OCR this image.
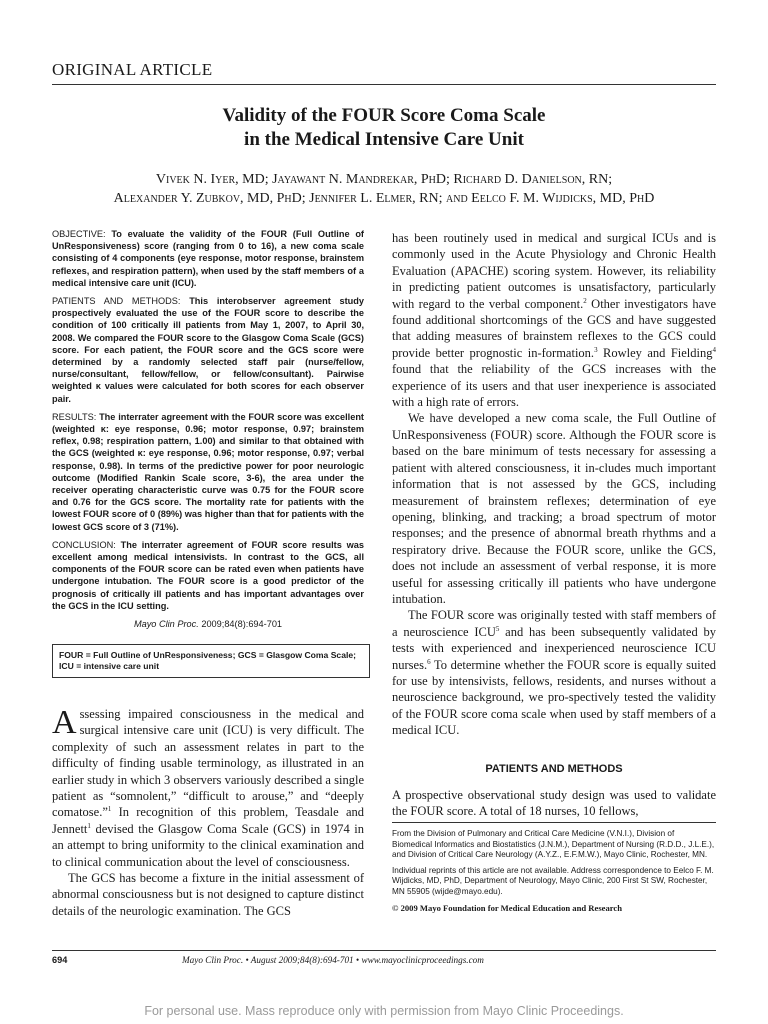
ORIGINAL ARTICLE
Validity of the FOUR Score Coma Scale
in the Medical Intensive Care Unit
Vivek N. Iyer, MD; Jayawant N. Mandrekar, PhD; Richard D. Danielson, RN;
Alexander Y. Zubkov, MD, PhD; Jennifer L. Elmer, RN; and Eelco F. M. Wijdicks, MD, PhD

OBJECTIVE: To evaluate the validity of the FOUR (Full Outline of UnResponsiveness) score (ranging from 0 to 16), a new coma scale consisting of 4 components (eye response, motor response, brainstem reflexes, and respiration pattern), when used by the staff members of a medical intensive care unit (ICU).

PATIENTS AND METHODS: This interobserver agreement study prospectively evaluated the use of the FOUR score to describe the condition of 100 critically ill patients from May 1, 2007, to April 30, 2008. We compared the FOUR score to the Glasgow Coma Scale (GCS) score. For each patient, the FOUR score and the GCS score were determined by a randomly selected staff pair (nurse/fellow, nurse/consultant, fellow/fellow, or fellow/consultant). Pairwise weighted κ values were calculated for both scores for each observer pair.

RESULTS: The interrater agreement with the FOUR score was excellent (weighted κ: eye response, 0.96; motor response, 0.97; brainstem reflex, 0.98; respiration pattern, 1.00) and similar to that obtained with the GCS (weighted κ: eye response, 0.96; motor response, 0.97; verbal response, 0.98). In terms of the predictive power for poor neurologic outcome (Modified Rankin Scale score, 3-6), the area under the receiver operating characteristic curve was 0.75 for the FOUR score and 0.76 for the GCS score. The mortality rate for patients with the lowest FOUR score of 0 (89%) was higher than that for patients with the lowest GCS score of 3 (71%).

CONCLUSION: The interrater agreement of FOUR score results was excellent among medical intensivists. In contrast to the GCS, all components of the FOUR score can be rated even when patients have undergone intubation. The FOUR score is a good predictor of the prognosis of critically ill patients and has important advantages over the GCS in the ICU setting.

Mayo Clin Proc. 2009;84(8):694-701
FOUR = Full Outline of UnResponsiveness; GCS = Glasgow Coma Scale; ICU = intensive care unit

Assessing impaired consciousness in the medical and surgical intensive care unit (ICU) is very difficult. The complexity of such an assessment relates in part to the difficulty of finding usable terminology, as illustrated in an earlier study in which 3 observers variously described a single patient as “somnolent,” “difficult to arouse,” and “deeply comatose.”$^1$ In recognition of this problem, Teasdale and Jennett$^1$ devised the Glasgow Coma Scale (GCS) in 1974 in an attempt to bring uniformity to the clinical examination and to clinical communication about the level of consciousness.

The GCS has become a fixture in the initial assessment of abnormal consciousness but is not designed to capture distinct details of the neurologic examination. The GCS

has been routinely used in medical and surgical ICUs and is commonly used in the Acute Physiology and Chronic Health Evaluation (APACHE) scoring system. However, its reliability in predicting patient outcomes is unsatisfactory, particularly with regard to the verbal component.$^2$ Other investigators have found additional shortcomings of the GCS and have suggested that adding measures of brainstem reflexes to the GCS could provide better prognostic in-formation.$^3$ Rowley and Fielding$^4$ found that the reliability of the GCS increases with the experience of its users and that user inexperience is associated with a high rate of errors.

We have developed a new coma scale, the Full Outline of UnResponsiveness (FOUR) score. Although the FOUR score is based on the bare minimum of tests necessary for assessing a patient with altered consciousness, it in-cludes much important information that is not assessed by the GCS, including measurement of brainstem reflexes; determination of eye opening, blinking, and tracking; a broad spectrum of motor responses; and the presence of abnormal breath rhythms and a respiratory drive. Because the FOUR score, unlike the GCS, does not include an assessment of verbal response, it is more useful for assessing critically ill patients who have undergone intubation.

The FOUR score was originally tested with staff members of a neuroscience ICU$^5$ and has been subsequently validated by tests with experienced and inexperienced neuroscience ICU nurses.$^6$ To determine whether the FOUR score is equally suited for use by intensivists, fellows, residents, and nurses without a neuroscience background, we pro-spectively tested the validity of the FOUR score coma scale when used by staff members of a medical ICU.

PATIENTS AND METHODS

A prospective observational study design was used to validate the FOUR score. A total of 18 nurses, 10 fellows,

From the Division of Pulmonary and Critical Care Medicine (V.N.I.), Division of Biomedical Informatics and Biostatistics (J.N.M.), Department of Nursing (R.D.D., J.L.E.), and Division of Critical Care Neurology (A.Y.Z., E.F.M.W.), Mayo Clinic, Rochester, MN.

Individual reprints of this article are not available. Address correspondence to Eelco F. M. Wijdicks, MD, PhD, Department of Neurology, Mayo Clinic, 200 First St SW, Rochester, MN 55905 (wijde@mayo.edu).

© 2009 Mayo Foundation for Medical Education and Research

694	Mayo Clin Proc. • August 2009;84(8):694-701 • www.mayoclinicproceedings.com
For personal use. Mass reproduce only with permission from Mayo Clinic Proceedings.
